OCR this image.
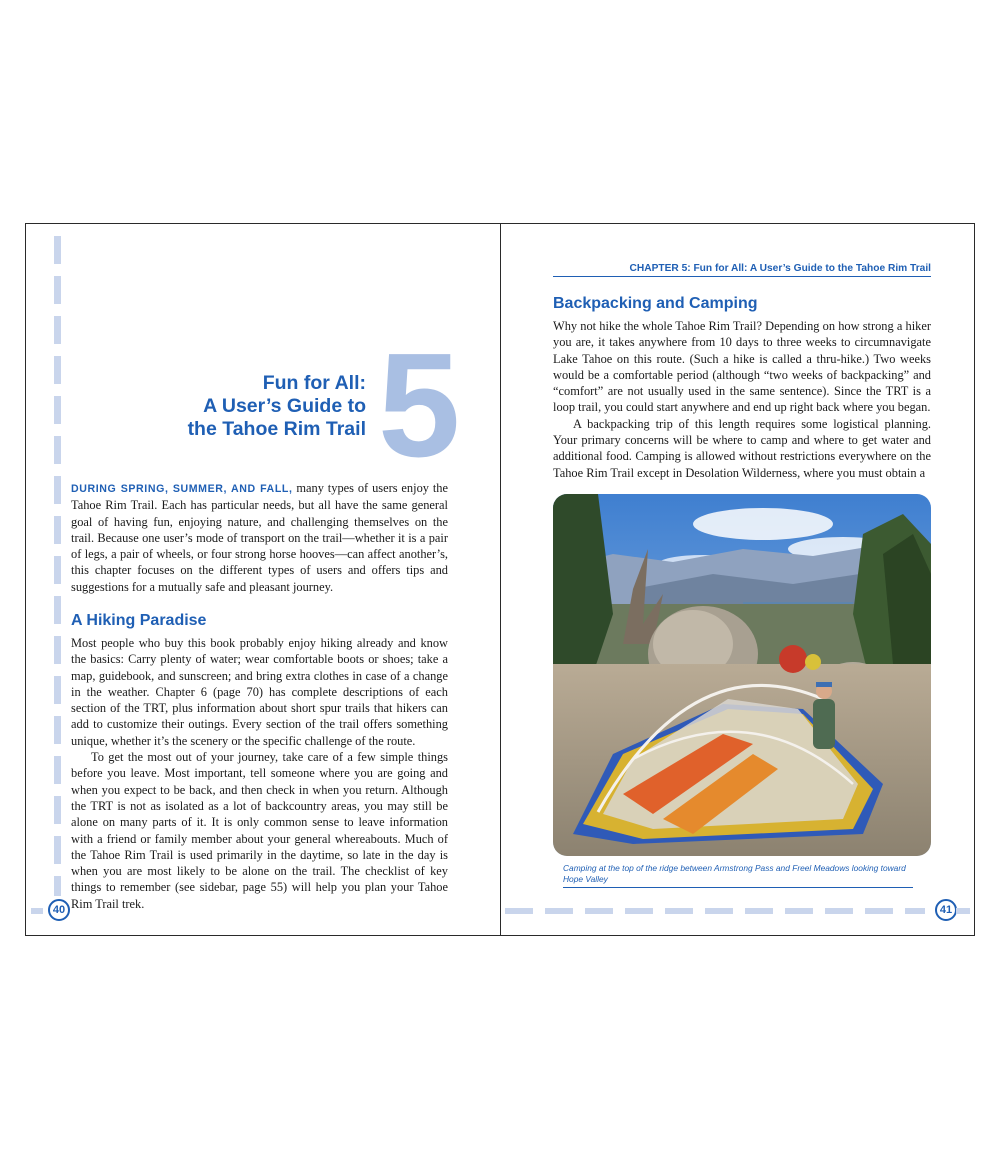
5
Fun for All:
A User’s Guide to
the Tahoe Rim Trail

DURING SPRING, SUMMER, AND FALL, many types of users enjoy the Tahoe Rim Trail. Each has particular needs, but all have the same general goal of having fun, enjoying nature, and challenging themselves on the trail. Because one user’s mode of transport on the trail—whether it is a pair of legs, a pair of wheels, or four strong horse hooves—can affect another’s, this chapter focuses on the different types of users and offers tips and suggestions for a mutually safe and pleasant journey.

A Hiking Paradise

Most people who buy this book probably enjoy hiking already and know the basics: Carry plenty of water; wear comfortable boots or shoes; take a map, guidebook, and sunscreen; and bring extra clothes in case of a change in the weather. Chapter 6 (page 70) has complete descriptions of each section of the TRT, plus information about short spur trails that hikers can add to customize their outings. Every section of the trail offers something unique, whether it’s the scenery or the specific challenge of the route.

To get the most out of your journey, take care of a few simple things before you leave. Most important, tell someone where you are going and when you expect to be back, and then check in when you return. Although the TRT is not as isolated as a lot of backcountry areas, you may still be alone on many parts of it. It is only common sense to leave information with a friend or family member about your general whereabouts. Much of the Tahoe Rim Trail is used primarily in the daytime, so late in the day is when you are most likely to be alone on the trail. The checklist of key things to remember (see sidebar, page 55) will help you plan your Tahoe Rim Trail trek.

40
CHAPTER 5: Fun for All: A User’s Guide to the Tahoe Rim Trail
Backpacking and Camping

Why not hike the whole Tahoe Rim Trail? Depending on how strong a hiker you are, it takes anywhere from 10 days to three weeks to circumnavigate Lake Tahoe on this route. (Such a hike is called a thru-hike.) Two weeks would be a comfortable period (although “two weeks of backpacking” and “comfort” are not usually used in the same sentence). Since the TRT is a loop trail, you could start anywhere and end up right back where you began.

A backpacking trip of this length requires some logistical planning. Your primary concerns will be where to camp and where to get water and additional food. Camping is allowed without restrictions everywhere on the Tahoe Rim Trail except in Desolation Wilderness, where you must obtain a

Camping at the top of the ridge between Armstrong Pass and Freel Meadows looking toward Hope Valley
41
